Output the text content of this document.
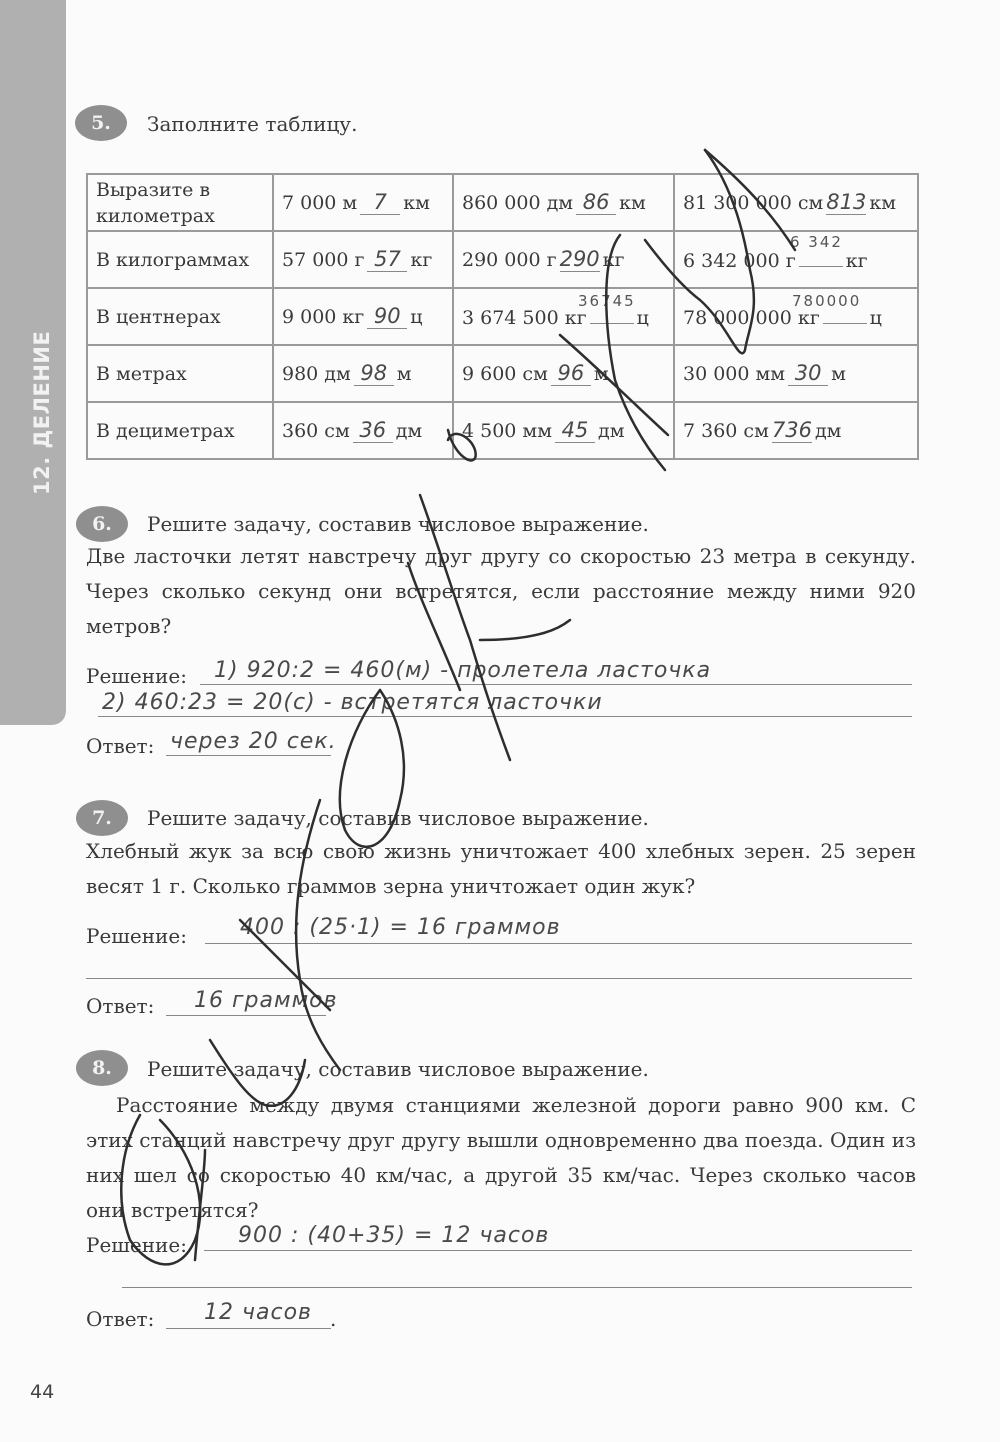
12. ДЕЛЕНИЕ
5.	Заполните таблицу.
Выразите в километрах	7 000 м 7 км	860 000 дм 86 км	81 300 000 см 813 км
В килограммах	57 000 г 57 кг	290 000 г 290 кг	6 342 000 г кг
В центнерах	9 000 кг 90 ц	3 674 500 кг ц	78 000 000 кг ц
В метрах	980 дм 98 м	9 600 см 96 м	30 000 мм 30 м
В дециметрах	360 см 36 дм	4 500 мм 45 дм	7 360 см 736 дм
6 342
36745	780000
6.	Решите задачу, составив числовое выражение.
Две ласточки летят навстречу друг другу со скоростью 23 метра в секунду. Через сколько секунд они встретятся, если расстояние между ними 920 метров?
Решение: 1) 920:2 = 460(м) - пролетела ласточка
2) 460:23 = 20(с) - встретятся ласточки
Ответ: через 20 сек.
7.	Решите задачу, составив числовое выражение.
Хлебный жук за всю свою жизнь уничтожает 400 хлебных зерен. 25 зерен весят 1 г. Сколько граммов зерна уничтожает один жук?
Решение: 400 : (25·1) = 16 граммов
Ответ: 16 граммов
8.	Решите задачу, составив числовое выражение.
Расстояние между двумя станциями железной дороги равно 900 км. С этих станций навстречу друг другу вышли одновременно два поезда. Один из них шел со скоростью 40 км/час, а другой 35 км/час. Через сколько часов они встретятся?
Решение: 900 : (40+35) = 12 часов
Ответ: 12 часов .
44
